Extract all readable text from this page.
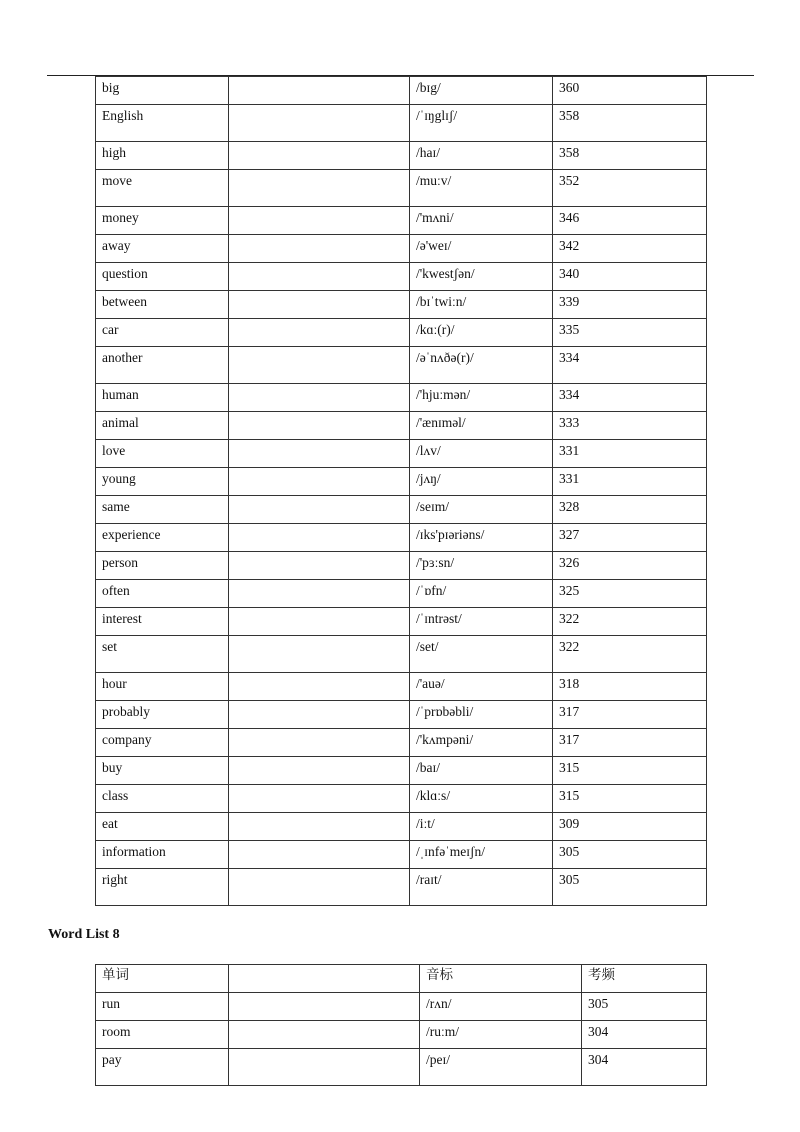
big		/bɪg/	360
English		/ˈɪŋglɪʃ/	358
high		/haɪ/	358
move		/muːv/	352
money		/'mʌni/	346
away		/ə'weɪ/	342
question		/'kwestʃən/	340
between		/bɪˈtwiːn/	339
car		/kɑː(r)/	335
another		/əˈnʌðə(r)/	334
human		/'hjuːmən/	334
animal		/'ænɪməl/	333
love		/lʌv/	331
young		/jʌŋ/	331
same		/seɪm/	328
experience		/ɪks'pɪəriəns/	327
person		/'pɜːsn/	326
often		/ˈɒfn/	325
interest		/ˈɪntrəst/	322
set		/set/	322
hour		/'auə/	318
probably		/ˈprɒbəbli/	317
company		/'kʌmpəni/	317
buy		/baɪ/	315
class		/klɑːs/	315
eat		/iːt/	309
information		/ˌɪnfəˈmeɪʃn/	305
right		/raɪt/	305
Word List 8
单词		音标	考频
run		/rʌn/	305
room		/ruːm/	304
pay		/peɪ/	304
